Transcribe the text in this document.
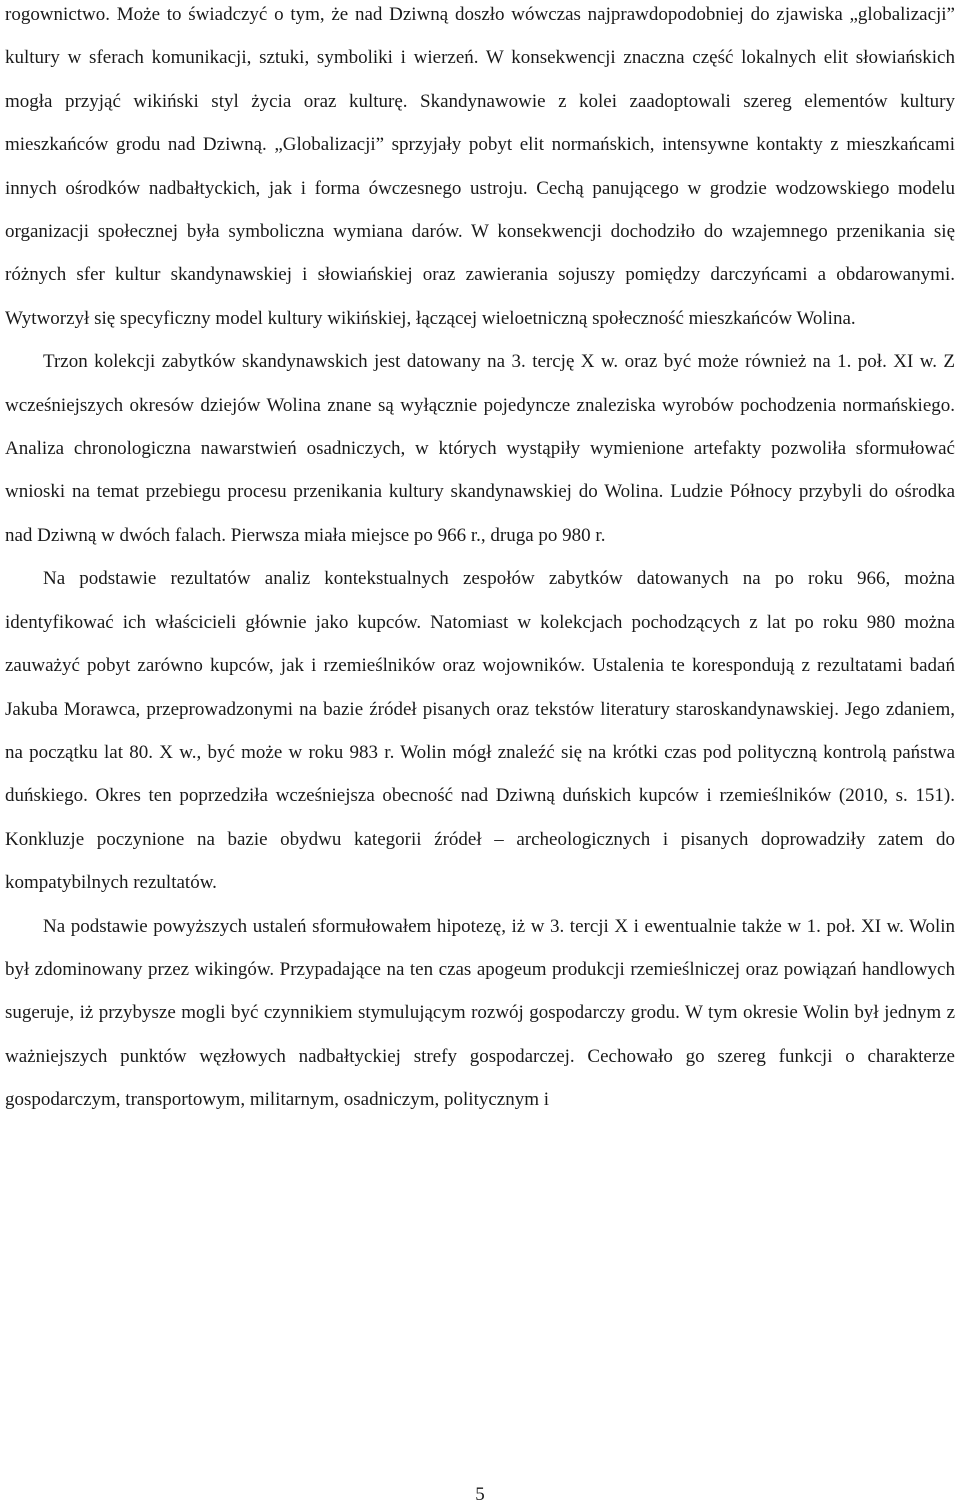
rogownictwo. Może to świadczyć o tym, że nad Dziwną doszło wówczas najprawdopodobniej do zjawiska „globalizacji” kultury w sferach komunikacji, sztuki, symboliki i wierzeń. W konsekwencji znaczna część lokalnych elit słowiańskich mogła przyjąć wikiński styl życia oraz kulturę. Skandynawowie z kolei zaadoptowali szereg elementów kultury mieszkańców grodu nad Dziwną. „Globalizacji” sprzyjały pobyt elit normańskich, intensywne kontakty z mieszkańcami innych ośrodków nadbałtyckich, jak i forma ówczesnego ustroju. Cechą panującego w grodzie wodzowskiego modelu organizacji społecznej była symboliczna wymiana darów. W konsekwencji dochodziło do wzajemnego przenikania się różnych sfer kultur skandynawskiej i słowiańskiej oraz zawierania sojuszy pomiędzy darczyńcami a obdarowanymi. Wytworzył się specyficzny model kultury wikińskiej, łączącej wieloetniczną społeczność mieszkańców Wolina.

Trzon kolekcji zabytków skandynawskich jest datowany na 3. tercję X w. oraz być może również na 1. poł. XI w. Z wcześniejszych okresów dziejów Wolina znane są wyłącznie pojedyncze znaleziska wyrobów pochodzenia normańskiego. Analiza chronologiczna nawarstwień osadniczych, w których wystąpiły wymienione artefakty pozwoliła sformułować wnioski na temat przebiegu procesu przenikania kultury skandynawskiej do Wolina. Ludzie Północy przybyli do ośrodka nad Dziwną w dwóch falach. Pierwsza miała miejsce po 966 r., druga po 980 r.

Na podstawie rezultatów analiz kontekstualnych zespołów zabytków datowanych na po roku 966, można identyfikować ich właścicieli głównie jako kupców. Natomiast w kolekcjach pochodzących z lat po roku 980 można zauważyć pobyt zarówno kupców, jak i rzemieślników oraz wojowników. Ustalenia te korespondują z rezultatami badań Jakuba Morawca, przeprowadzonymi na bazie źródeł pisanych oraz tekstów literatury staroskandynawskiej. Jego zdaniem, na początku lat 80. X w., być może w roku 983 r. Wolin mógł znaleźć się na krótki czas pod polityczną kontrolą państwa duńskiego. Okres ten poprzedziła wcześniejsza obecność nad Dziwną duńskich kupców i rzemieślników (2010, s. 151). Konkluzje poczynione na bazie obydwu kategorii źródeł – archeologicznych i pisanych doprowadziły zatem do kompatybilnych rezultatów.

Na podstawie powyższych ustaleń sformułowałem hipotezę, iż w 3. tercji X i ewentualnie także w 1. poł. XI w. Wolin był zdominowany przez wikingów. Przypadające na ten czas apogeum produkcji rzemieślniczej oraz powiązań handlowych sugeruje, iż przybysze mogli być czynnikiem stymulującym rozwój gospodarczy grodu. W tym okresie Wolin był jednym z ważniejszych punktów węzłowych nadbałtyckiej strefy gospodarczej. Cechowało go szereg funkcji o charakterze gospodarczym, transportowym, militarnym, osadniczym, politycznym i

5
